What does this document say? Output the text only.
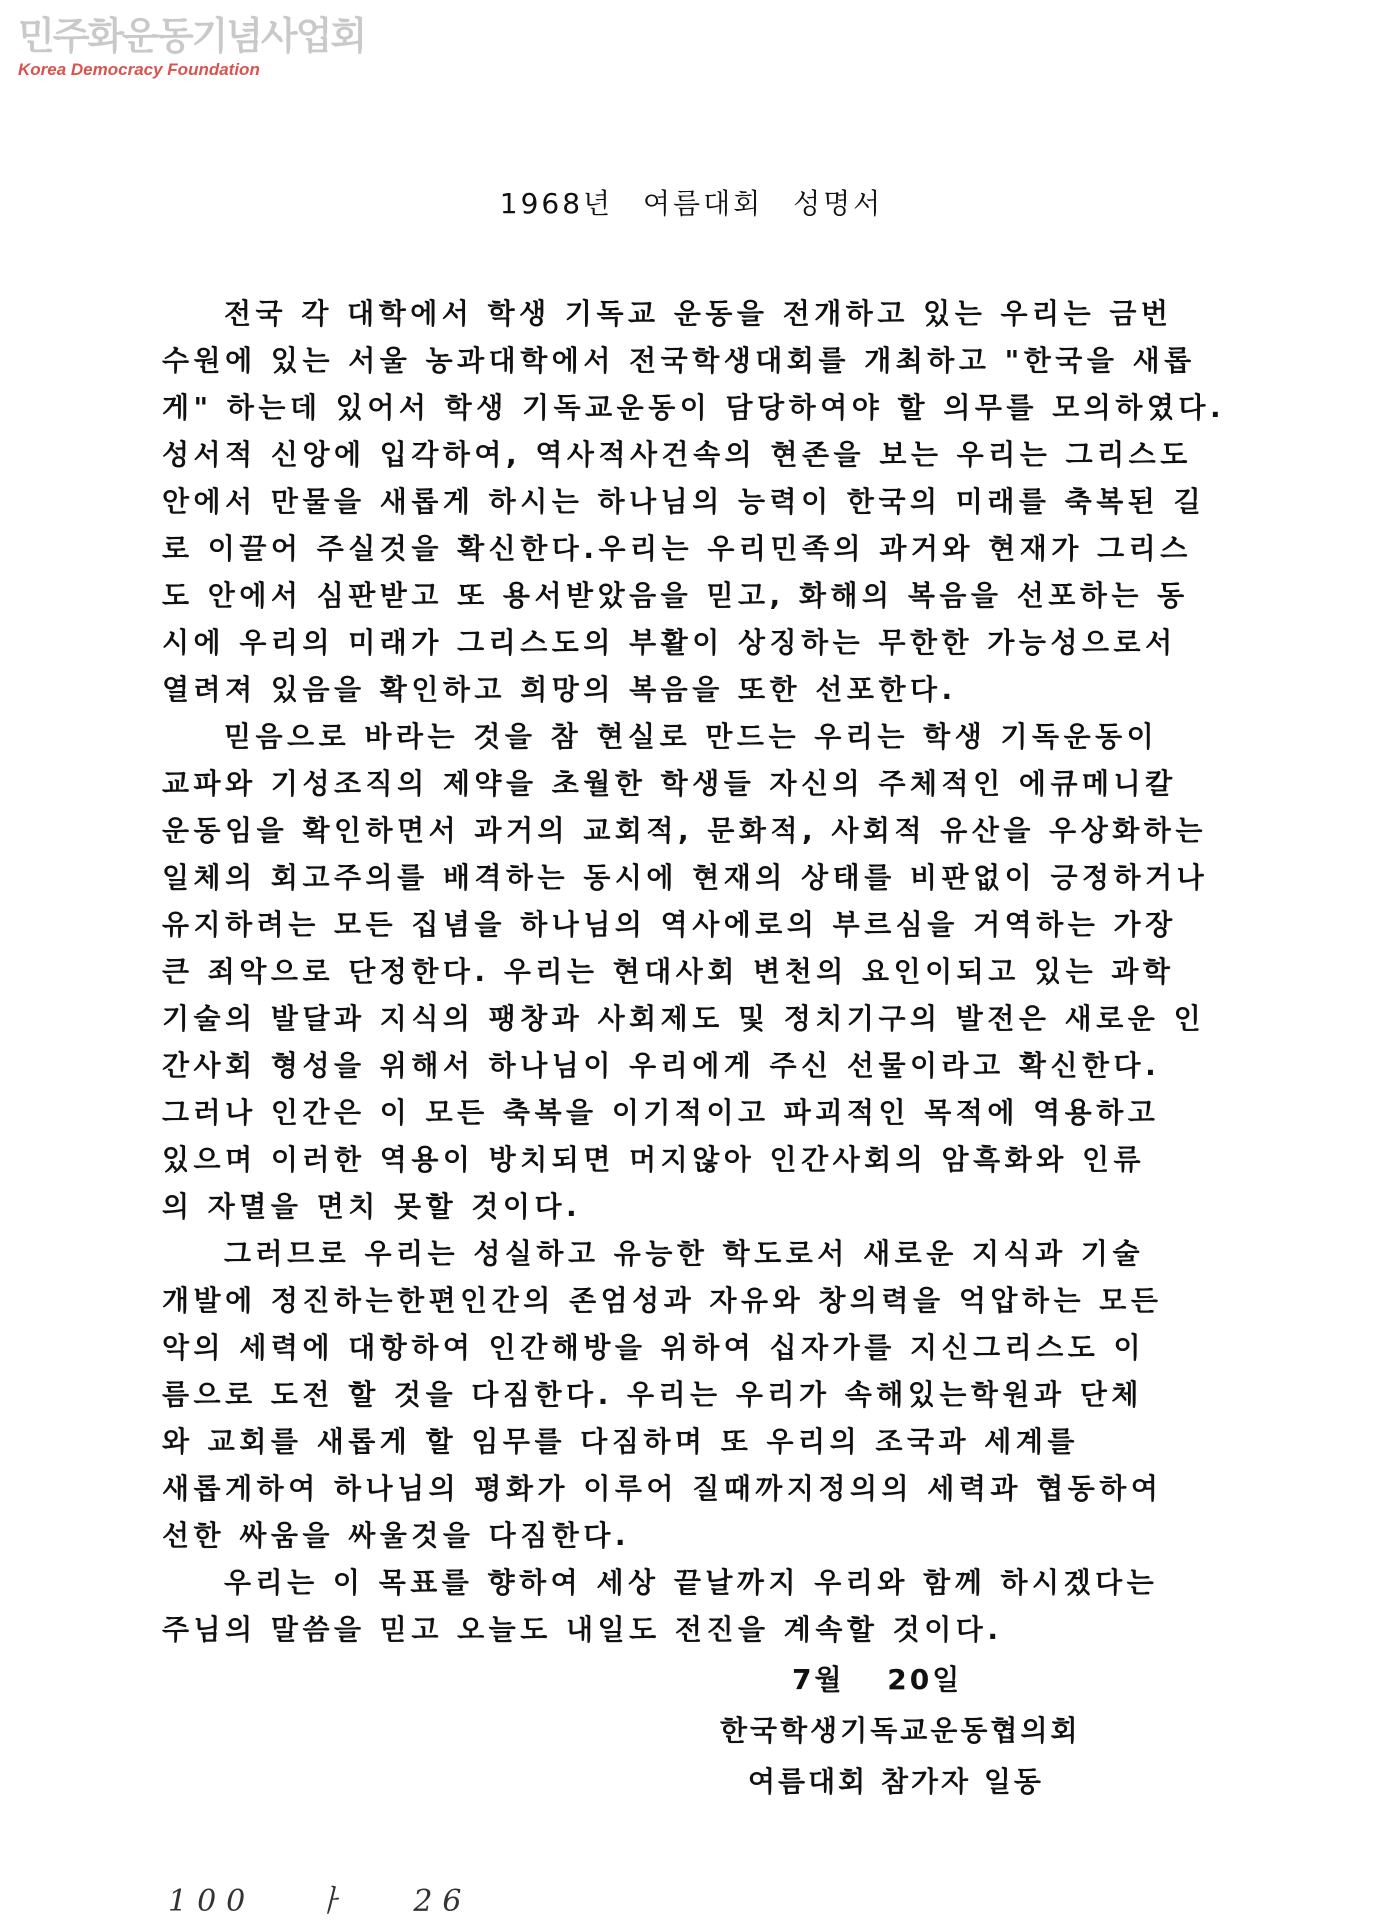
민주화운동기념사업회
Korea Democracy Foundation
1968년 여름대회 성명서

전국 각 대학에서 학생 기독교 운동을 전개하고 있는 우리는 금번

수원에 있는 서울 농과대학에서 전국학생대회를 개최하고 "한국을 새롭

게" 하는데 있어서 학생 기독교운동이 담당하여야 할 의무를 모의하였다.

성서적 신앙에 입각하여, 역사적사건속의 현존을 보는 우리는 그리스도

안에서 만물을 새롭게 하시는 하나님의 능력이 한국의 미래를 축복된 길

로 이끌어 주실것을 확신한다.우리는 우리민족의 과거와 현재가 그리스

도 안에서 심판받고 또 용서받았음을 믿고, 화해의 복음을 선포하는 동

시에 우리의 미래가 그리스도의 부활이 상징하는 무한한 가능성으로서

열려져 있음을 확인하고 희망의 복음을 또한 선포한다.

믿음으로 바라는 것을 참 현실로 만드는 우리는 학생 기독운동이

교파와 기성조직의 제약을 초월한 학생들 자신의 주체적인 에큐메니칼

운동임을 확인하면서 과거의 교회적, 문화적, 사회적 유산을 우상화하는

일체의 회고주의를 배격하는 동시에 현재의 상태를 비판없이 긍정하거나

유지하려는 모든 집념을 하나님의 역사에로의 부르심을 거역하는 가장

큰 죄악으로 단정한다. 우리는 현대사회 변천의 요인이되고 있는 과학

기술의 발달과 지식의 팽창과 사회제도 및 정치기구의 발전은 새로운 인

간사회 형성을 위해서 하나님이 우리에게 주신 선물이라고 확신한다.

그러나 인간은 이 모든 축복을 이기적이고 파괴적인 목적에 역용하고

있으며 이러한 역용이 방치되면 머지않아 인간사회의 암흑화와 인류

의 자멸을 면치 못할 것이다.

그러므로 우리는 성실하고 유능한 학도로서 새로운 지식과 기술

개발에 정진하는한편인간의 존엄성과 자유와 창의력을 억압하는 모든

악의 세력에 대항하여 인간해방을 위하여 십자가를 지신그리스도 이

름으로 도전 할 것을 다짐한다. 우리는 우리가 속해있는학원과 단체

와 교회를 새롭게 할 임무를 다짐하며 또 우리의 조국과 세계를

새롭게하여 하나님의 평화가 이루어 질때까지정의의 세력과 협동하여

선한 싸움을 싸울것을 다짐한다.

우리는 이 목표를 향하여 세상 끝날까지 우리와 함께 하시겠다는

주님의 말씀을 믿고 오늘도 내일도 전진을 계속할 것이다.

7월 20일
한국학생기독교운동협의회
여름대회 참가자 일동
100 ㅏ 26
